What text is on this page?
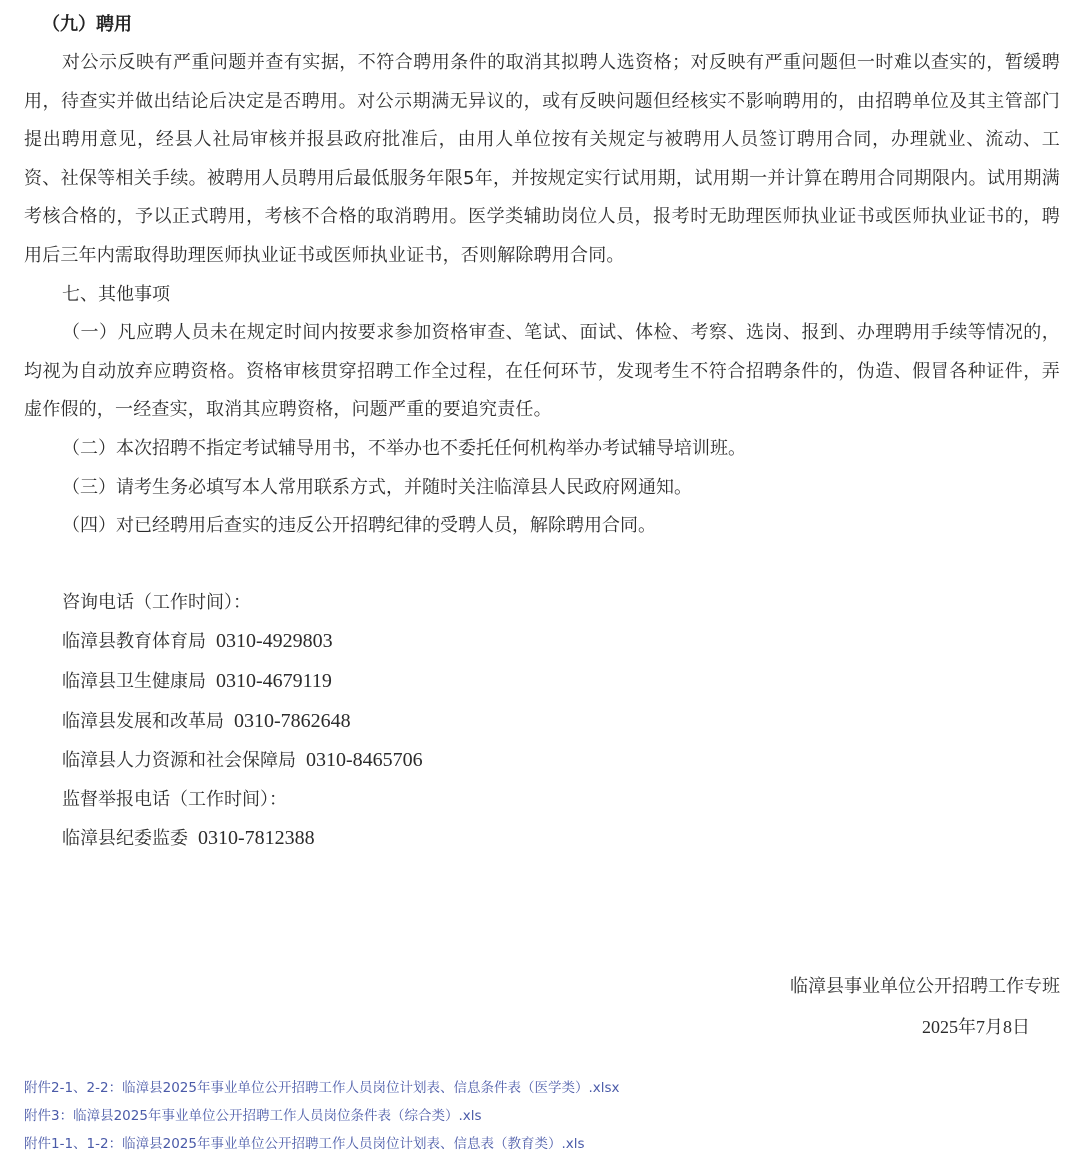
（九）聘用

对公示反映有严重问题并查有实据，不符合聘用条件的取消其拟聘人选资格；对反映有严重问题但一时难以查实的，暂缓聘用，待查实并做出结论后决定是否聘用。对公示期满无异议的，或有反映问题但经核实不影响聘用的，由招聘单位及其主管部门提出聘用意见，经县人社局审核并报县政府批准后，由用人单位按有关规定与被聘用人员签订聘用合同，办理就业、流动、工资、社保等相关手续。被聘用人员聘用后最低服务年限5年，并按规定实行试用期，试用期一并计算在聘用合同期限内。试用期满考核合格的，予以正式聘用，考核不合格的取消聘用。医学类辅助岗位人员，报考时无助理医师执业证书或医师执业证书的，聘用后三年内需取得助理医师执业证书或医师执业证书，否则解除聘用合同。

七、其他事项

（一）凡应聘人员未在规定时间内按要求参加资格审查、笔试、面试、体检、考察、选岗、报到、办理聘用手续等情况的，均视为自动放弃应聘资格。资格审核贯穿招聘工作全过程，在任何环节，发现考生不符合招聘条件的，伪造、假冒各种证件，弄虚作假的，一经查实，取消其应聘资格，问题严重的要追究责任。

（二）本次招聘不指定考试辅导用书，不举办也不委托任何机构举办考试辅导培训班。

（三）请考生务必填写本人常用联系方式，并随时关注临漳县人民政府网通知。

（四）对已经聘用后查实的违反公开招聘纪律的受聘人员，解除聘用合同。

咨询电话（工作时间）：

临漳县教育体育局 0310-4929803

临漳县卫生健康局 0310-4679119

临漳县发展和改革局 0310-7862648

临漳县人力资源和社会保障局 0310-8465706

监督举报电话（工作时间）：

临漳县纪委监委 0310-7812388

临漳县事业单位公开招聘工作专班
2025年7月8日
附件2-1、2-2：临漳县2025年事业单位公开招聘工作人员岗位计划表、信息条件表（医学类）.xlsx
附件3：临漳县2025年事业单位公开招聘工作人员岗位条件表（综合类）.xls
附件1-1、1-2：临漳县2025年事业单位公开招聘工作人员岗位计划表、信息表（教育类）.xls
